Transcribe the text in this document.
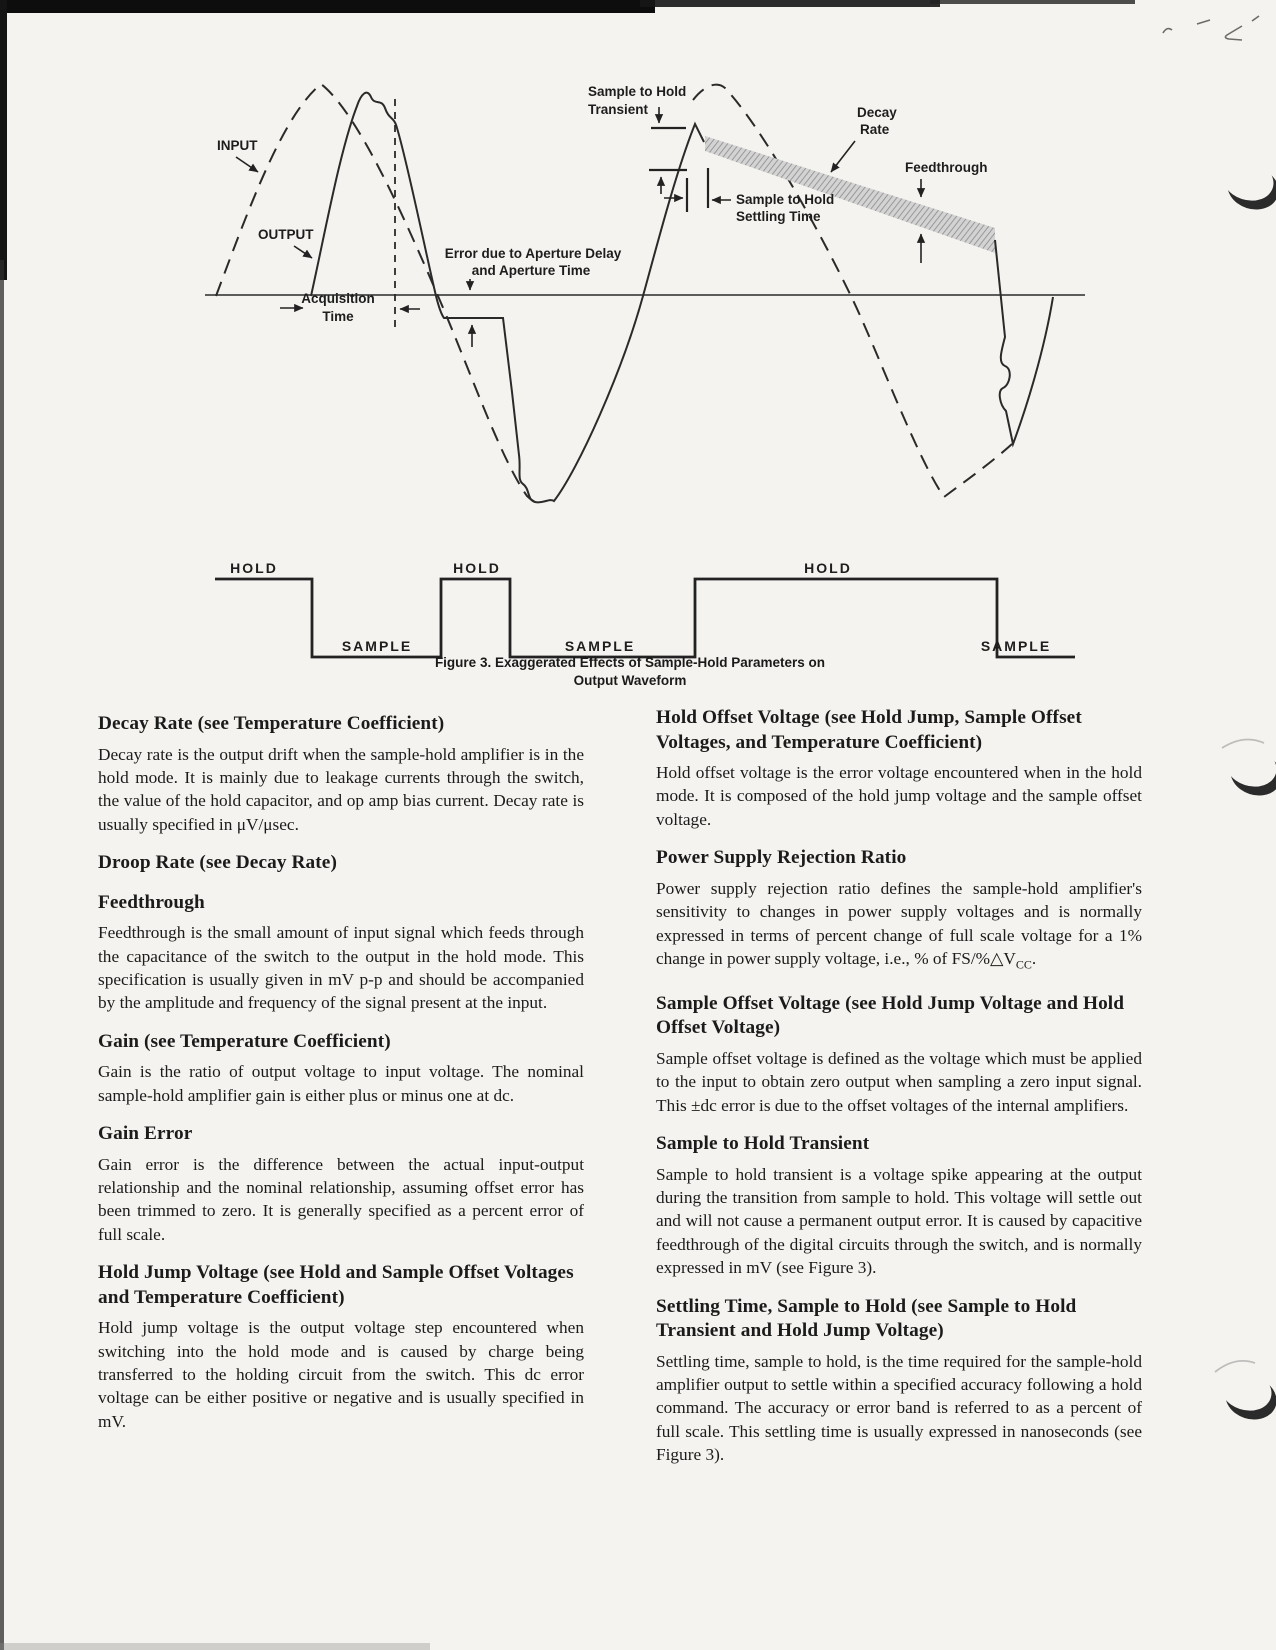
INPUT
OUTPUT
Sample to Hold
Transient
Sample to Hold
Settling Time
Decay
Rate
Feedthrough
Error due to Aperture Delay
and Aperture Time
Acquisition
Time
HOLD	HOLD	HOLD
SAMPLE	SAMPLE	SAMPLE
Figure 3. Exaggerated Effects of Sample-Hold Parameters on
Output Waveform
Decay Rate (see Temperature Coefficient)

Decay rate is the output drift when the sample-hold amplifier is in the hold mode. It is mainly due to leakage currents through the switch, the value of the hold capacitor, and op amp bias current. Decay rate is usually specified in μV/μsec.

Droop Rate (see Decay Rate)
Feedthrough

Feedthrough is the small amount of input signal which feeds through the capacitance of the switch to the output in the hold mode. This specification is usually given in mV p-p and should be accompanied by the amplitude and frequency of the signal present at the input.

Gain (see Temperature Coefficient)

Gain is the ratio of output voltage to input voltage. The nominal sample-hold amplifier gain is either plus or minus one at dc.

Gain Error

Gain error is the difference between the actual input-output relationship and the nominal relationship, assuming offset error has been trimmed to zero. It is generally specified as a percent error of full scale.

Hold Jump Voltage (see Hold and Sample Offset Voltages and Temperature Coefficient)

Hold jump voltage is the output voltage step encountered when switching into the hold mode and is caused by charge being transferred to the holding circuit from the switch. This dc error voltage can be either positive or negative and is usually specified in mV.

Hold Offset Voltage (see Hold Jump, Sample Offset Voltages, and Temperature Coefficient)

Hold offset voltage is the error voltage encountered when in the hold mode. It is composed of the hold jump voltage and the sample offset voltage.

Power Supply Rejection Ratio

Power supply rejection ratio defines the sample-hold amplifier's sensitivity to changes in power supply voltages and is normally expressed in terms of percent change of full scale voltage for a 1% change in power supply voltage, i.e., % of $FS/\%\triangle V_{CC}$.

Sample Offset Voltage (see Hold Jump Voltage and Hold Offset Voltage)

Sample offset voltage is defined as the voltage which must be applied to the input to obtain zero output when sampling a zero input signal. This ±dc error is due to the offset voltages of the internal amplifiers.

Sample to Hold Transient

Sample to hold transient is a voltage spike appearing at the output during the transition from sample to hold. This voltage will settle out and will not cause a permanent output error. It is caused by capacitive feedthrough of the digital circuits through the switch, and is normally expressed in mV (see Figure 3).

Settling Time, Sample to Hold (see Sample to Hold Transient and Hold Jump Voltage)

Settling time, sample to hold, is the time required for the sample-hold amplifier output to settle within a specified accuracy following a hold command. The accuracy or error band is referred to as a percent of full scale. This settling time is usually expressed in nanoseconds (see Figure 3).
